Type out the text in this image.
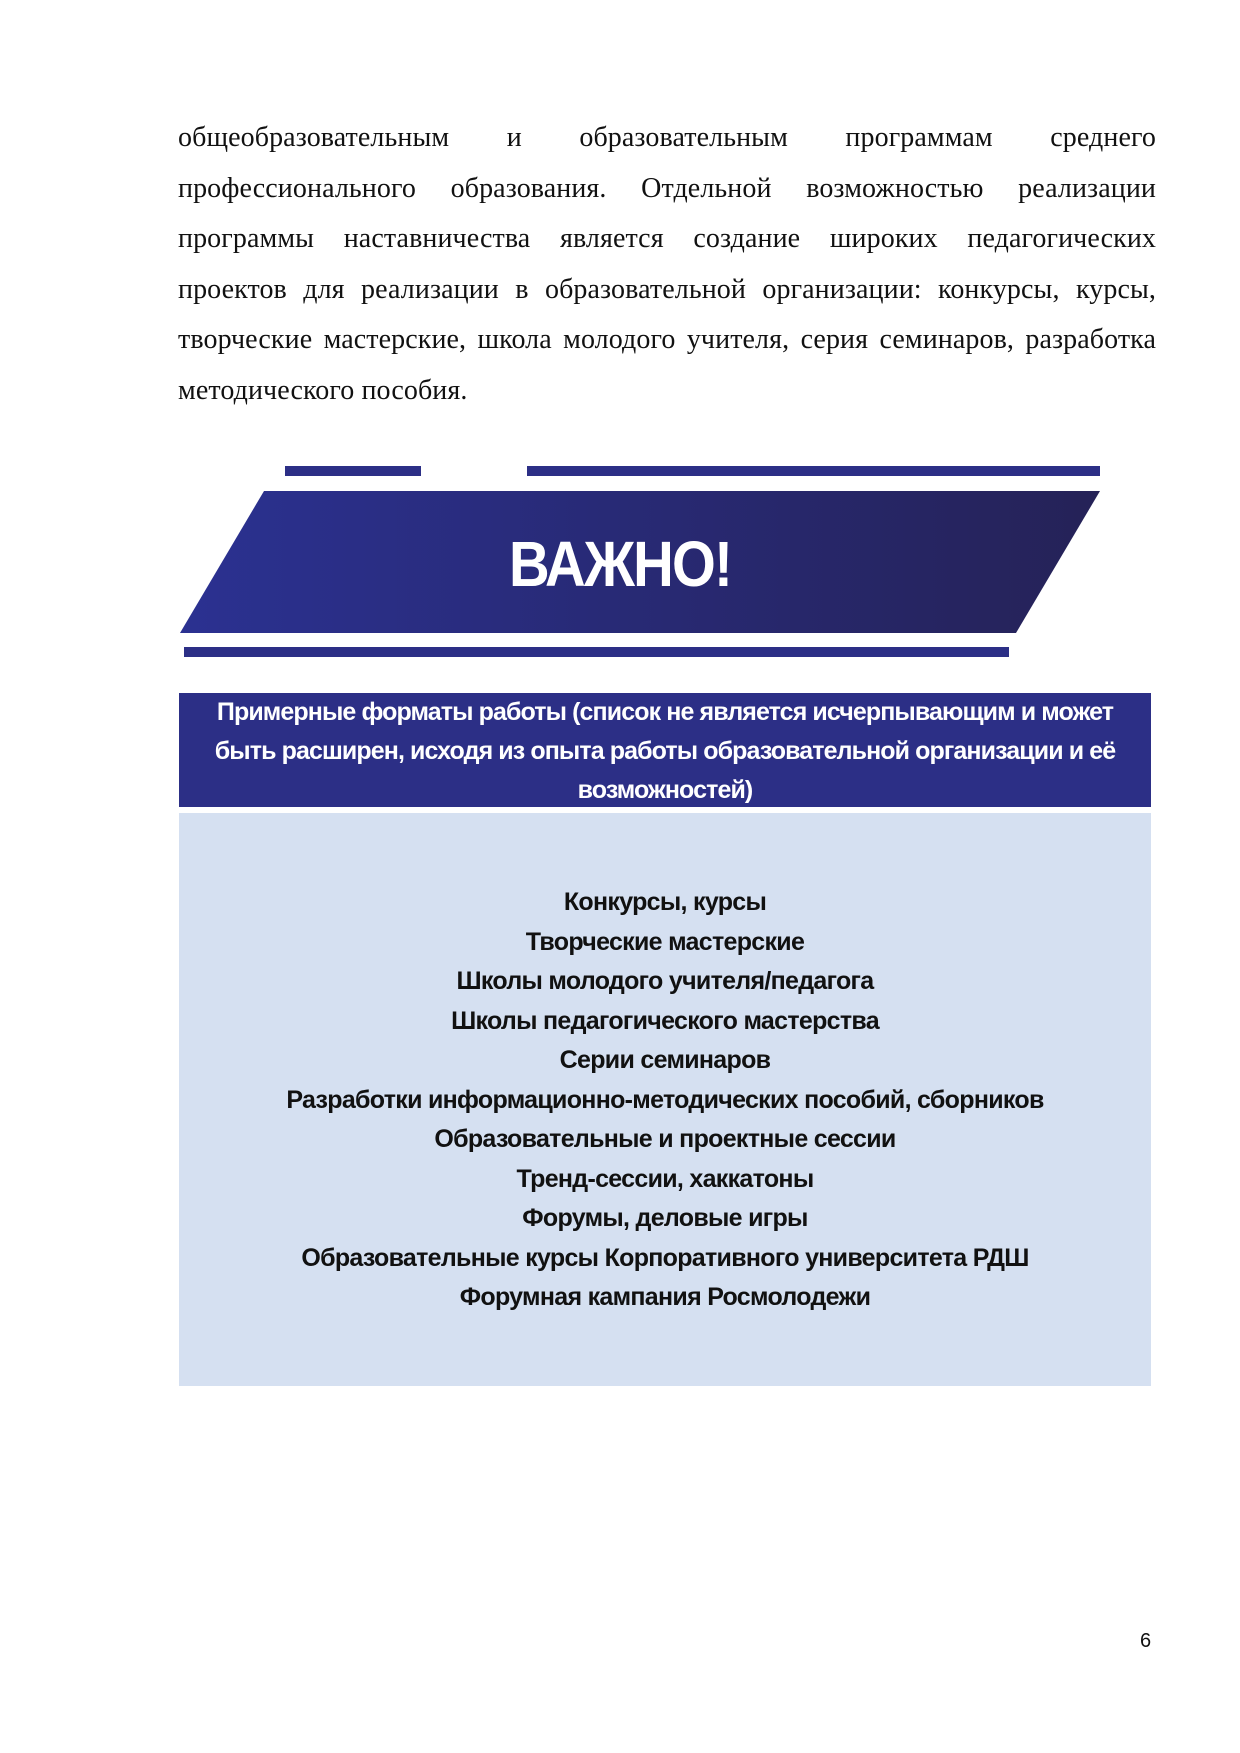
общеобразовательным и образовательным программам среднего профессионального образования. Отдельной возможностью реализации программы наставничества является создание широких педагогических проектов для реализации в образовательной организации: конкурсы, курсы, творческие мастерские, школа молодого учителя, серия семинаров, разработка методического пособия.

ВАЖНО!
Примерные форматы работы (список не является исчерпывающим и может быть расширен, исходя из опыта работы образовательной организации и её возможностей)
Конкурсы, курсы
Творческие мастерские
Школы молодого учителя/педагога
Школы педагогического мастерства
Серии семинаров
Разработки информационно-методических пособий, сборников
Образовательные и проектные сессии
Тренд-сессии, хаккатоны
Форумы, деловые игры
Образовательные курсы Корпоративного университета РДШ
Форумная кампания Росмолодежи
6
